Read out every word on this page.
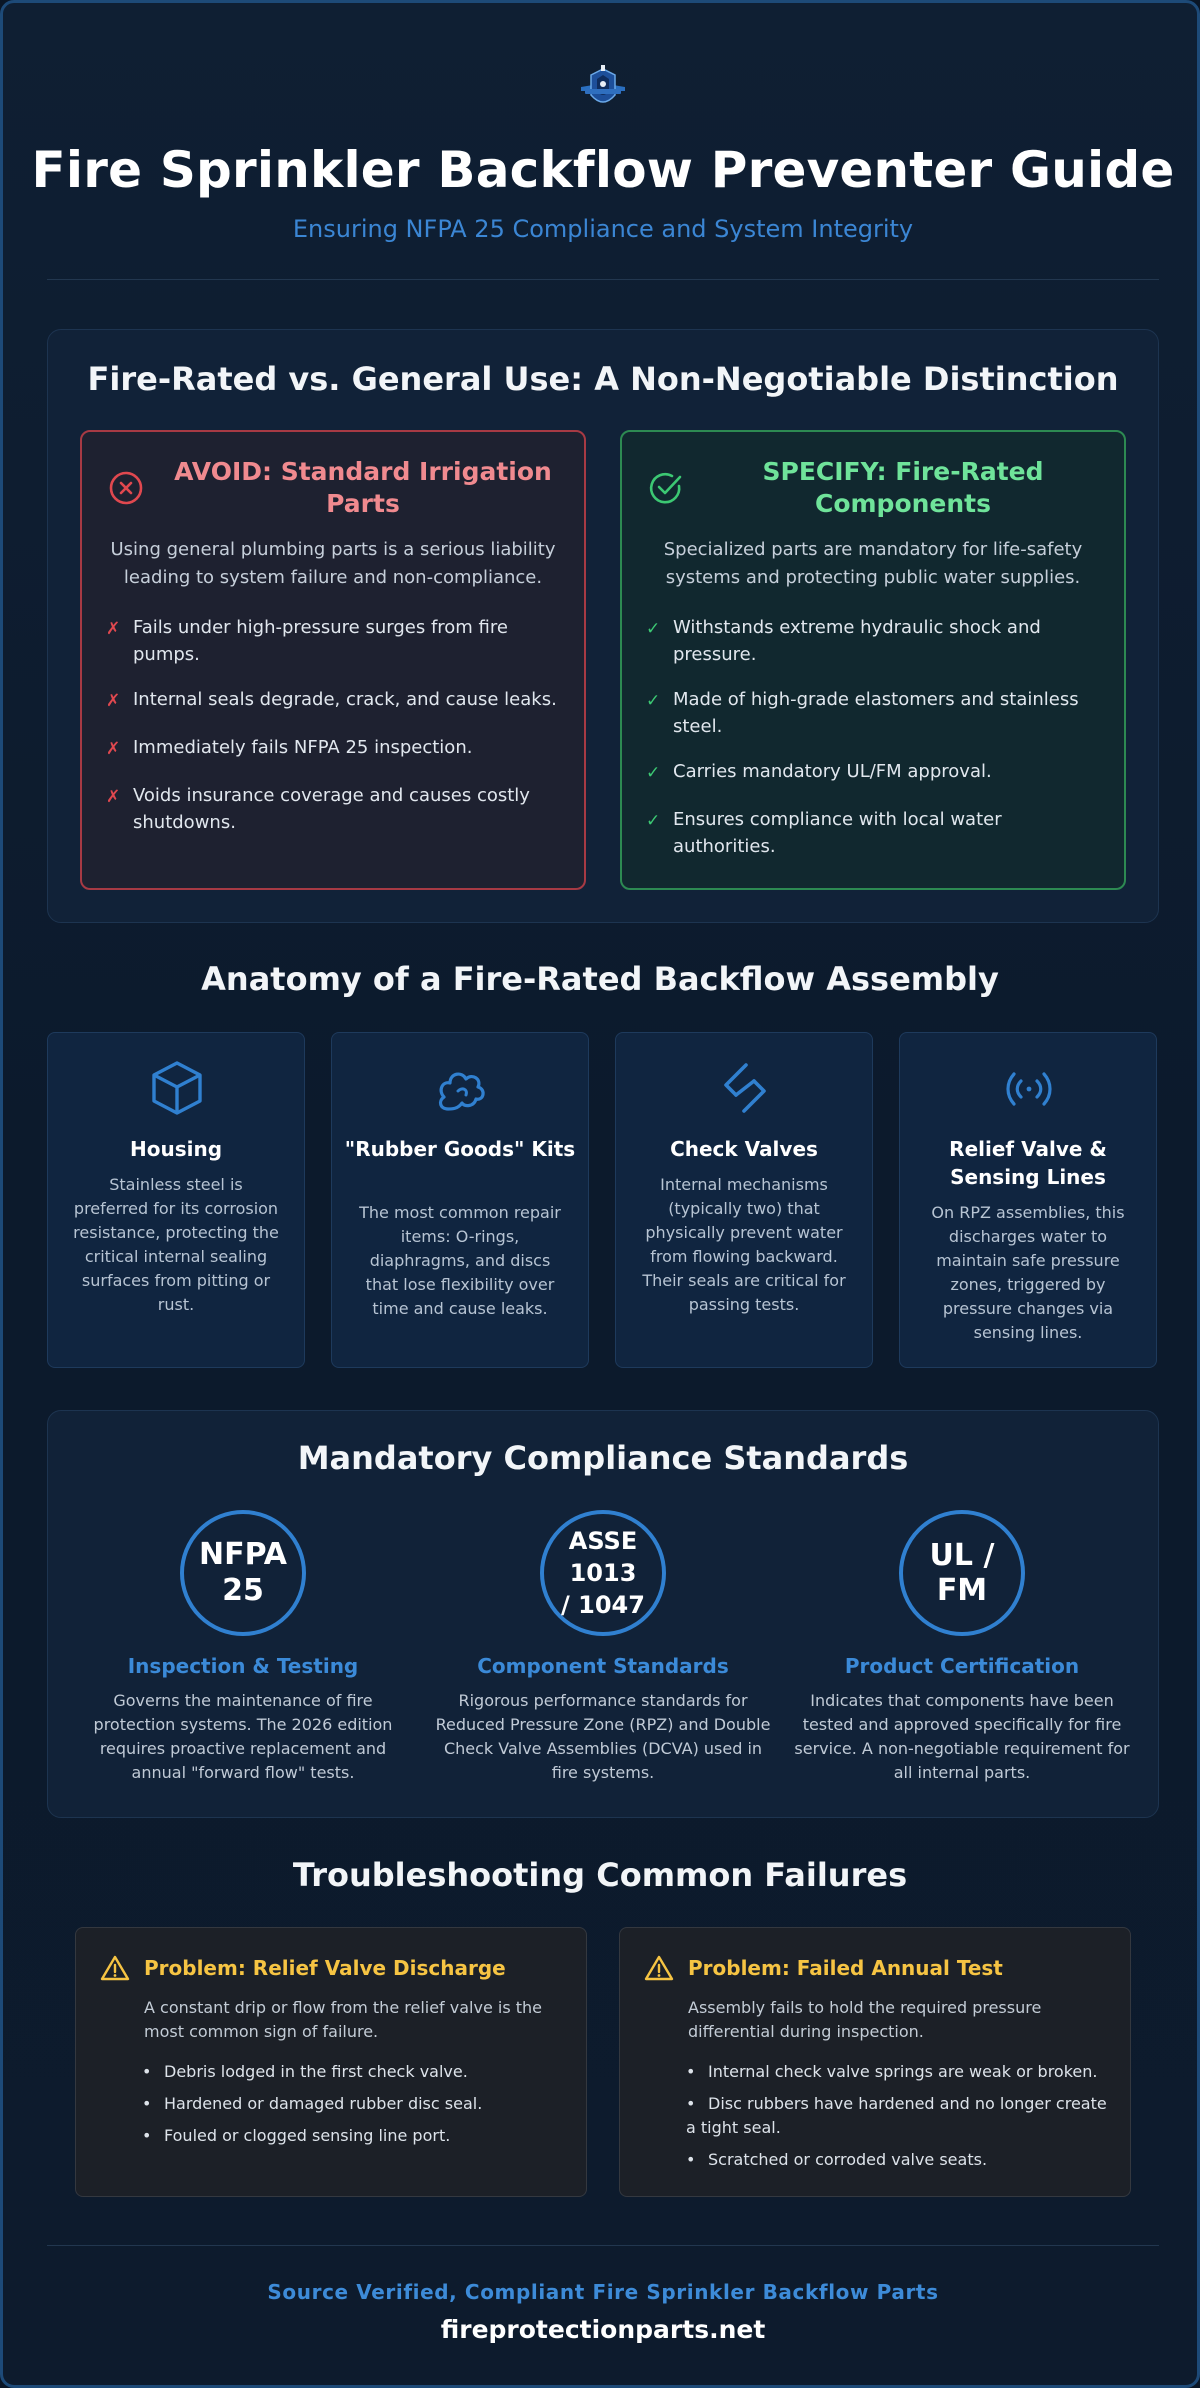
Fire Sprinkler Backflow Preventer Guide
Ensuring NFPA 25 Compliance and System Integrity
Fire-Rated vs. General Use: A Non-Negotiable Distinction
AVOID: Standard Irrigation Parts
Using general plumbing parts is a serious liability leading to system failure and non-compliance.
✗ Fails under high-pressure surges from fire pumps.
✗ Internal seals degrade, crack, and cause leaks.
✗ Immediately fails NFPA 25 inspection.
✗ Voids insurance coverage and causes costly shutdowns.
SPECIFY: Fire-Rated Components
Specialized parts are mandatory for life-safety systems and protecting public water supplies.
✓ Withstands extreme hydraulic shock and pressure.
✓ Made of high-grade elastomers and stainless steel.
✓ Carries mandatory UL/FM approval.
✓ Ensures compliance with local water authorities.
Anatomy of a Fire-Rated Backflow Assembly
Housing
Stainless steel is preferred for its corrosion resistance, protecting the critical internal sealing surfaces from pitting or rust.
"Rubber Goods" Kits
The most common repair items: O-rings, diaphragms, and discs that lose flexibility over time and cause leaks.
Check Valves
Internal mechanisms (typically two) that physically prevent water from flowing backward. Their seals are critical for passing tests.
Relief Valve & Sensing Lines
On RPZ assemblies, this discharges water to maintain safe pressure zones, triggered by pressure changes via sensing lines.
Mandatory Compliance Standards
NFPA
25
Inspection & Testing
Governs the maintenance of fire protection systems. The 2026 edition requires proactive replacement and annual "forward flow" tests.
ASSE
1013
/ 1047
Component Standards
Rigorous performance standards for Reduced Pressure Zone (RPZ) and Double Check Valve Assemblies (DCVA) used in fire systems.
UL / FM
Product Certification
Indicates that components have been tested and approved specifically for fire service. A non-negotiable requirement for all internal parts.
Troubleshooting Common Failures
Problem: Relief Valve Discharge
A constant drip or flow from the relief valve is the most common sign of failure.
• Debris lodged in the first check valve.
• Hardened or damaged rubber disc seal.
• Fouled or clogged sensing line port.
Problem: Failed Annual Test
Assembly fails to hold the required pressure differential during inspection.
• Internal check valve springs are weak or broken.
• Disc rubbers have hardened and no longer create a tight seal.
• Scratched or corroded valve seats.
Source Verified, Compliant Fire Sprinkler Backflow Parts
fireprotectionparts.net
